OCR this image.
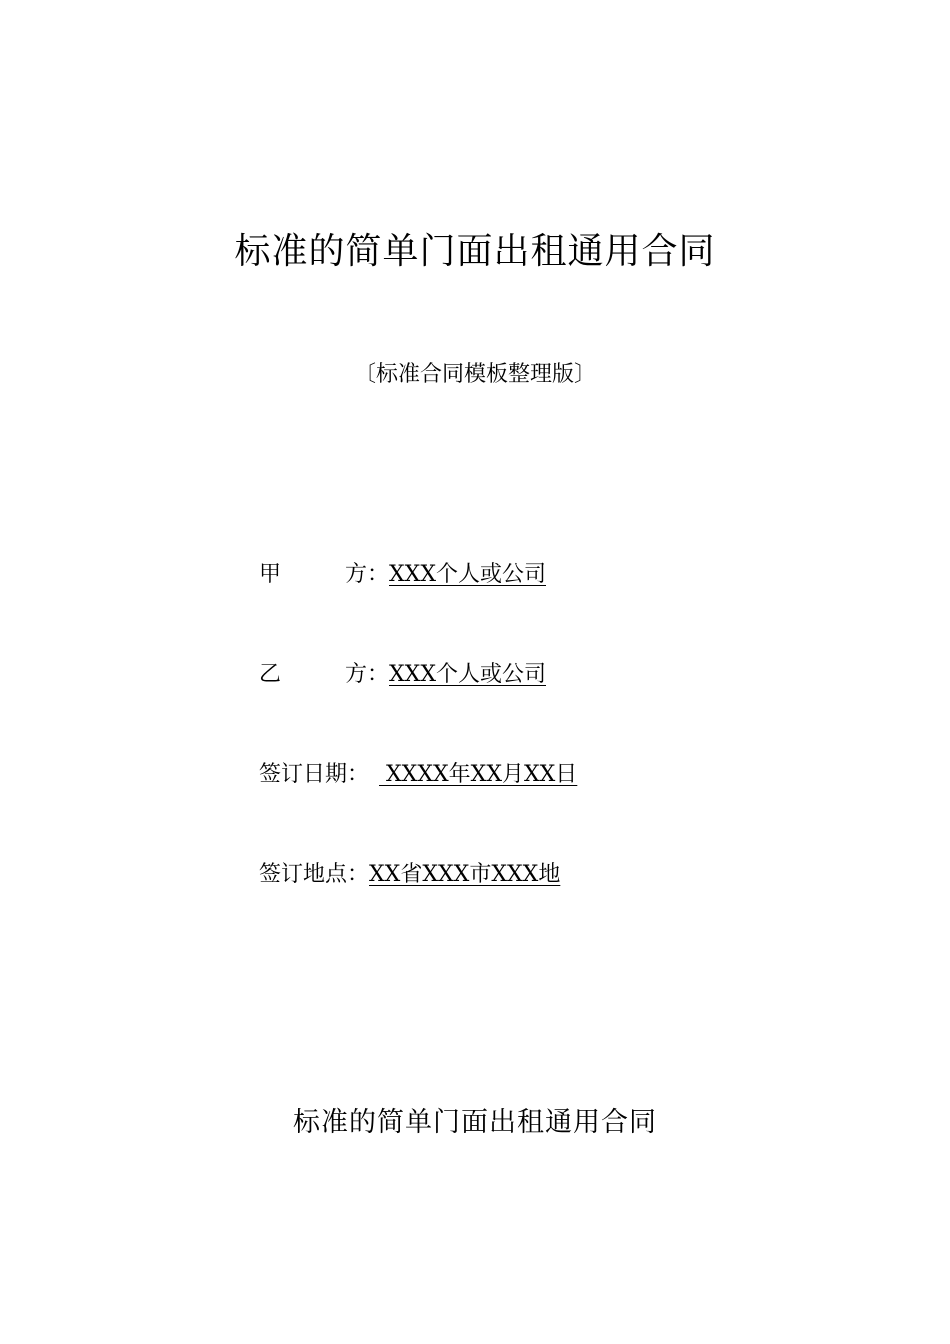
标准的简单门面出租通用合同
〔标准合同模板整理版〕
甲	方： XXX个人或公司
乙	方： XXX个人或公司
签订日期： XXXX年XX月XX日
签订地点： XX省XXX市XXX地
标准的简单门面出租通用合同
